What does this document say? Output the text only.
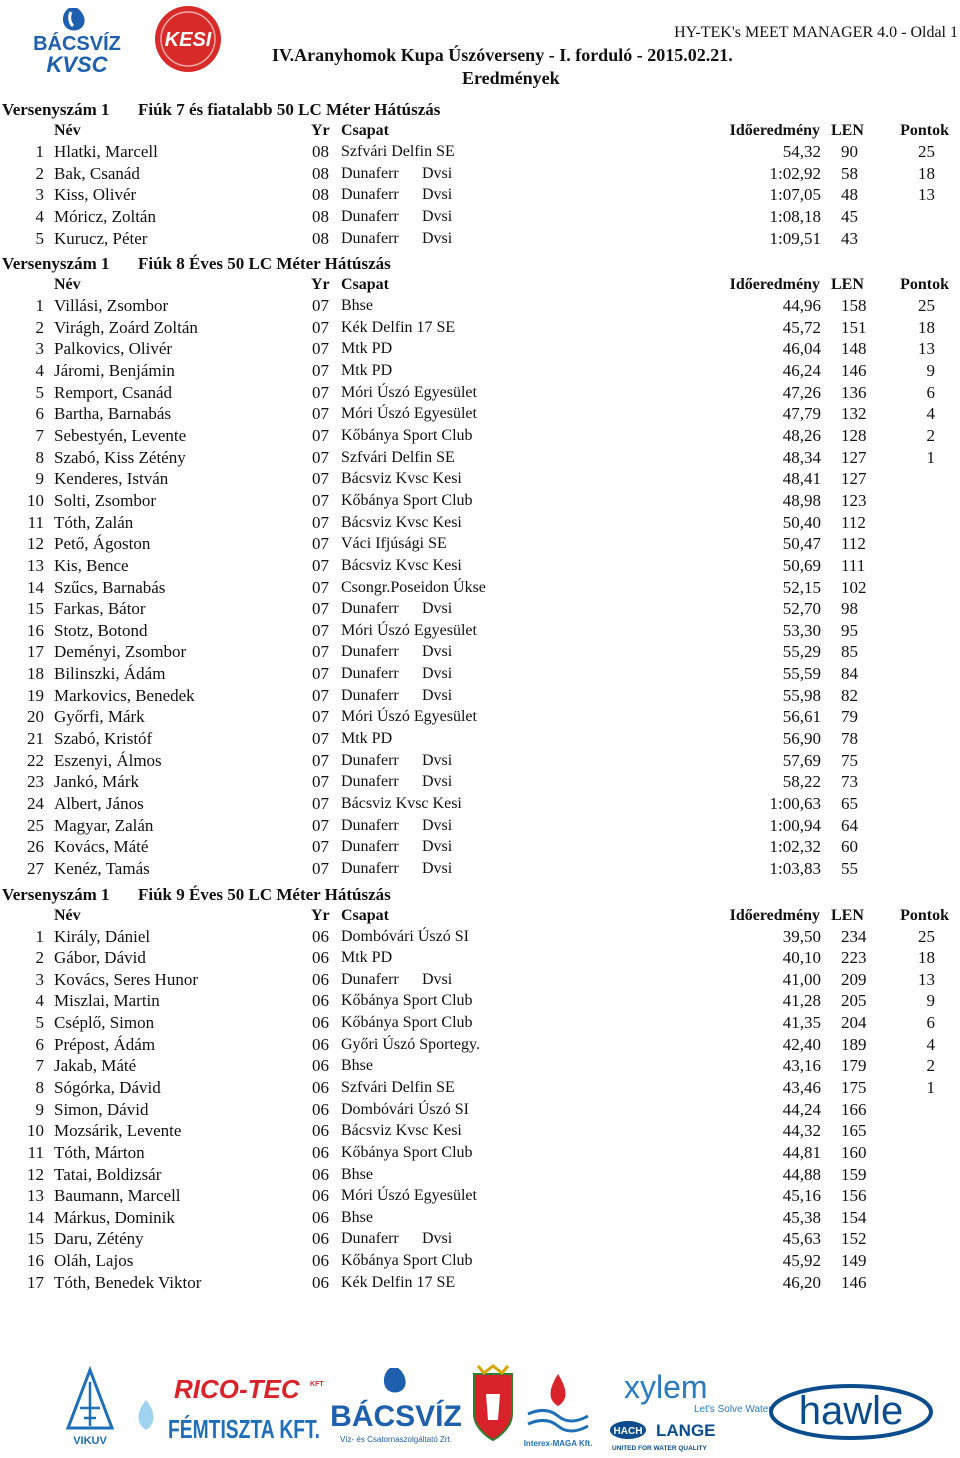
BÁCSVÍZ
KVSC
KESI	HY-TEK's MEET MANAGER 4.0 - Oldal 1
IV.Aranyhomok Kupa Úszóverseny - I. forduló - 2015.02.21.
Eredmények
Versenyszám 1 Fiúk 7 és fiatalabb 50 LC Méter Hátúszás
Név	Yr Csapat	Időeredmény LEN Pontok
1 Hlatki, Marcell	08 Szfvári Delfin SE	54,32 90	25
2 Bak, Csanád	08 Dunaferr Dvsi	1:02,92 58	18
3 Kiss, Olivér	08 Dunaferr Dvsi	1:07,05 48	13
4 Móricz, Zoltán	08 Dunaferr Dvsi	1:08,18 45
5 Kurucz, Péter	08 Dunaferr Dvsi	1:09,51 43
Versenyszám 1 Fiúk 8 Éves 50 LC Méter Hátúszás
Név	Yr Csapat	Időeredmény LEN Pontok
1 Villási, Zsombor	07 Bhse	44,96 158	25
2 Virágh, Zoárd Zoltán	07 Kék Delfin 17 SE	45,72 151	18
3 Palkovics, Olivér	07 Mtk PD	46,04 148	13
4 Járomi, Benjámin	07 Mtk PD	46,24 146	9
5 Remport, Csanád	07 Móri Úszó Egyesület	47,26 136	6
6 Bartha, Barnabás	07 Móri Úszó Egyesület	47,79 132	4
7 Sebestyén, Levente	07 Kőbánya Sport Club	48,26 128	2
8 Szabó, Kiss Zétény	07 Szfvári Delfin SE	48,34 127	1
9 Kenderes, István	07 Bácsviz Kvsc Kesi	48,41 127
10 Solti, Zsombor	07 Kőbánya Sport Club	48,98 123
11 Tóth, Zalán	07 Bácsviz Kvsc Kesi	50,40 112
12 Pető, Ágoston	07 Váci Ifjúsági SE	50,47 112
13 Kis, Bence	07 Bácsviz Kvsc Kesi	50,69 111
14 Szűcs, Barnabás	07 Csongr.Poseidon Úkse	52,15 102
15 Farkas, Bátor	07 Dunaferr Dvsi	52,70 98
16 Stotz, Botond	07 Móri Úszó Egyesület	53,30 95
17 Deményi, Zsombor	07 Dunaferr Dvsi	55,29 85
18 Bilinszki, Ádám	07 Dunaferr Dvsi	55,59 84
19 Markovics, Benedek	07 Dunaferr Dvsi	55,98 82
20 Győrfi, Márk	07 Móri Úszó Egyesület	56,61 79
21 Szabó, Kristóf	07 Mtk PD	56,90 78
22 Eszenyi, Álmos	07 Dunaferr Dvsi	57,69 75
23 Jankó, Márk	07 Dunaferr Dvsi	58,22 73
24 Albert, János	07 Bácsviz Kvsc Kesi	1:00,63 65
25 Magyar, Zalán	07 Dunaferr Dvsi	1:00,94 64
26 Kovács, Máté	07 Dunaferr Dvsi	1:02,32 60
27 Kenéz, Tamás	07 Dunaferr Dvsi	1:03,83 55
Versenyszám 1 Fiúk 9 Éves 50 LC Méter Hátúszás
Név	Yr Csapat	Időeredmény LEN Pontok
1 Király, Dániel	06 Dombóvári Úszó SI	39,50 234	25
2 Gábor, Dávid	06 Mtk PD	40,10 223	18
3 Kovács, Seres Hunor	06 Dunaferr Dvsi	41,00 209	13
4 Miszlai, Martin	06 Kőbánya Sport Club	41,28 205	9
5 Cséplő, Simon	06 Kőbánya Sport Club	41,35 204	6
6 Prépost, Ádám	06 Győri Úszó Sportegy.	42,40 189	4
7 Jakab, Máté	06 Bhse	43,16 179	2
8 Sógórka, Dávid	06 Szfvári Delfin SE	43,46 175	1
9 Simon, Dávid	06 Dombóvári Úszó SI	44,24 166
10 Mozsárik, Levente	06 Bácsviz Kvsc Kesi	44,32 165
11 Tóth, Márton	06 Kőbánya Sport Club	44,81 160
12 Tatai, Boldizsár	06 Bhse	44,88 159
13 Baumann, Marcell	06 Móri Úszó Egyesület	45,16 156
14 Márkus, Dominik	06 Bhse	45,38 154
15 Daru, Zétény	06 Dunaferr Dvsi	45,63 152
16 Oláh, Lajos	06 Kőbánya Sport Club	45,92 149
17 Tóth, Benedek Viktor	06 Kék Delfin 17 SE	46,20 146
VIKUV
RICO-TEC KFT
FÉMTISZTA KFT. BÁCSVÍZ
Víz- és Csatornaszolgáltató Zrt.	Interex-MAGA Kft.
xylem
Let's Solve Water
HACH LANGE
UNITED FOR WATER QUALITY
hawle
